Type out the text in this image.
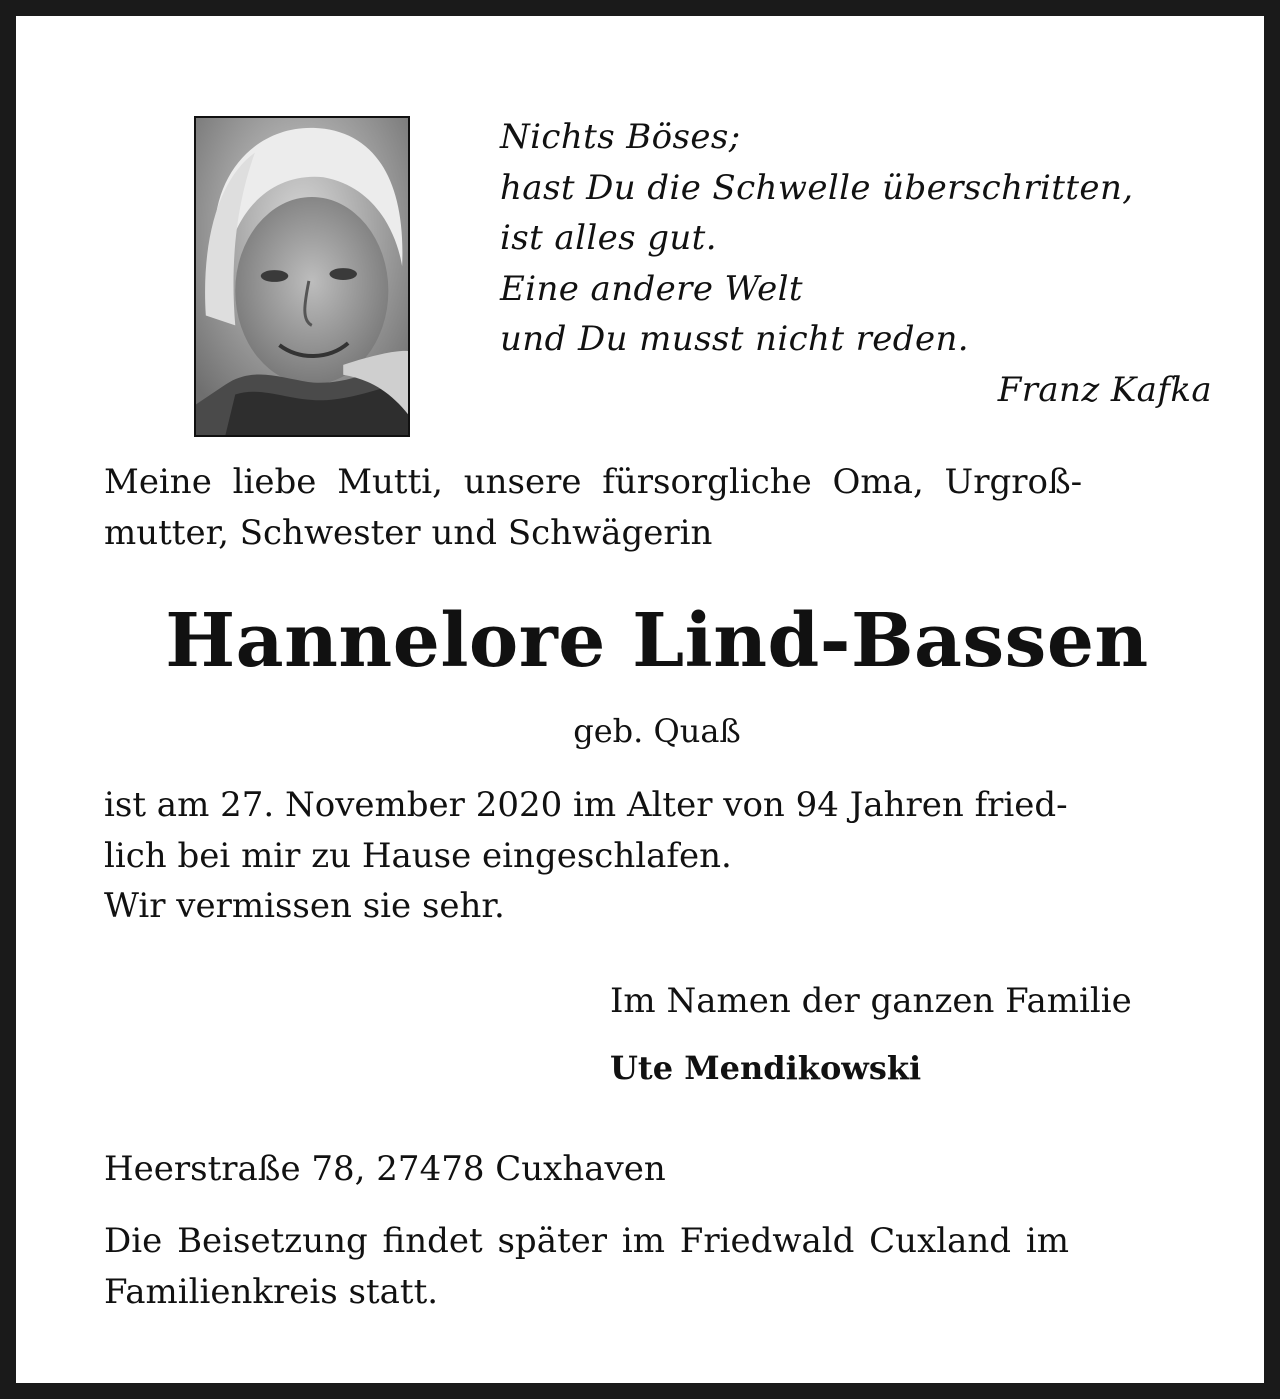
Nichts Böses;
hast Du die Schwelle überschritten,
ist alles gut.
Eine andere Welt
und Du musst nicht reden.
Franz Kafka
Meine liebe Mutti, unsere fürsorgliche Oma, Urgroß-
mutter, Schwester und Schwägerin
Hannelore Lind-Bassen
geb. Quaß
ist am 27. November 2020 im Alter von 94 Jahren fried-
lich bei mir zu Hause eingeschlafen.
Wir vermissen sie sehr.
Im Namen der ganzen Familie
Ute Mendikowski
Heerstraße 78, 27478 Cuxhaven
Die Beisetzung findet später im Friedwald Cuxland im
Familienkreis statt.
